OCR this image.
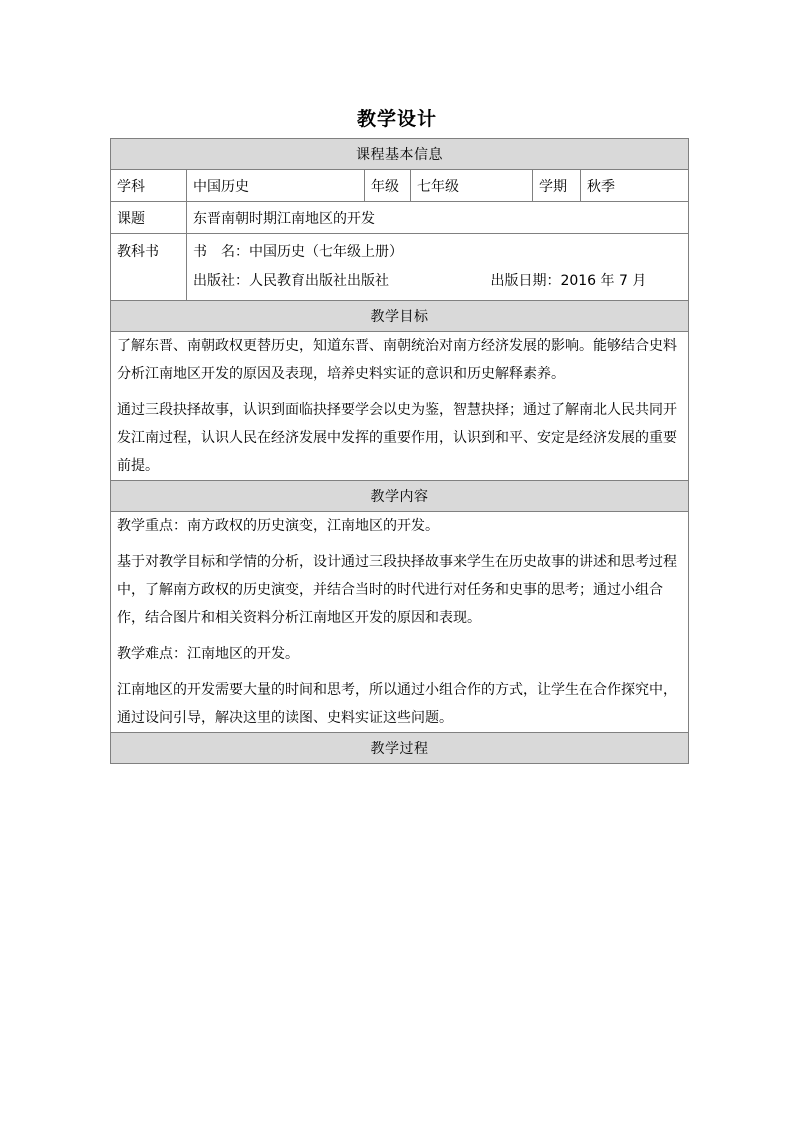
教学设计
课程基本信息					
学科	中国历史	年级	七年级	学期	秋季
课题	东晋南朝时期江南地区的开发				

教科书	书　名：中国历史（七年级上册）
出版社：人民教育出版社出版社 出版日期：2016 年 7 月				

教学目标					

了解东晋、南朝政权更替历史，知道东晋、南朝统治对南方经济发展的影响。能够结合史料分析江南地区开发的原因及表现，培养史料实证的意识和历史解释素养。

通过三段抉择故事，认识到面临抉择要学会以史为鉴，智慧抉择；通过了解南北人民共同开发江南过程，认识人民在经济发展中发挥的重要作用，认识到和平、安定是经济发展的重要前提。					

教学内容					

教学重点：南方政权的历史演变，江南地区的开发。

基于对教学目标和学情的分析，设计通过三段抉择故事来学生在历史故事的讲述和思考过程中，了解南方政权的历史演变，并结合当时的时代进行对任务和史事的思考；通过小组合作，结合图片和相关资料分析江南地区开发的原因和表现。

教学难点：江南地区的开发。

江南地区的开发需要大量的时间和思考，所以通过小组合作的方式，让学生在合作探究中，通过设问引导，解决这里的读图、史料实证这些问题。					

教学过程					
